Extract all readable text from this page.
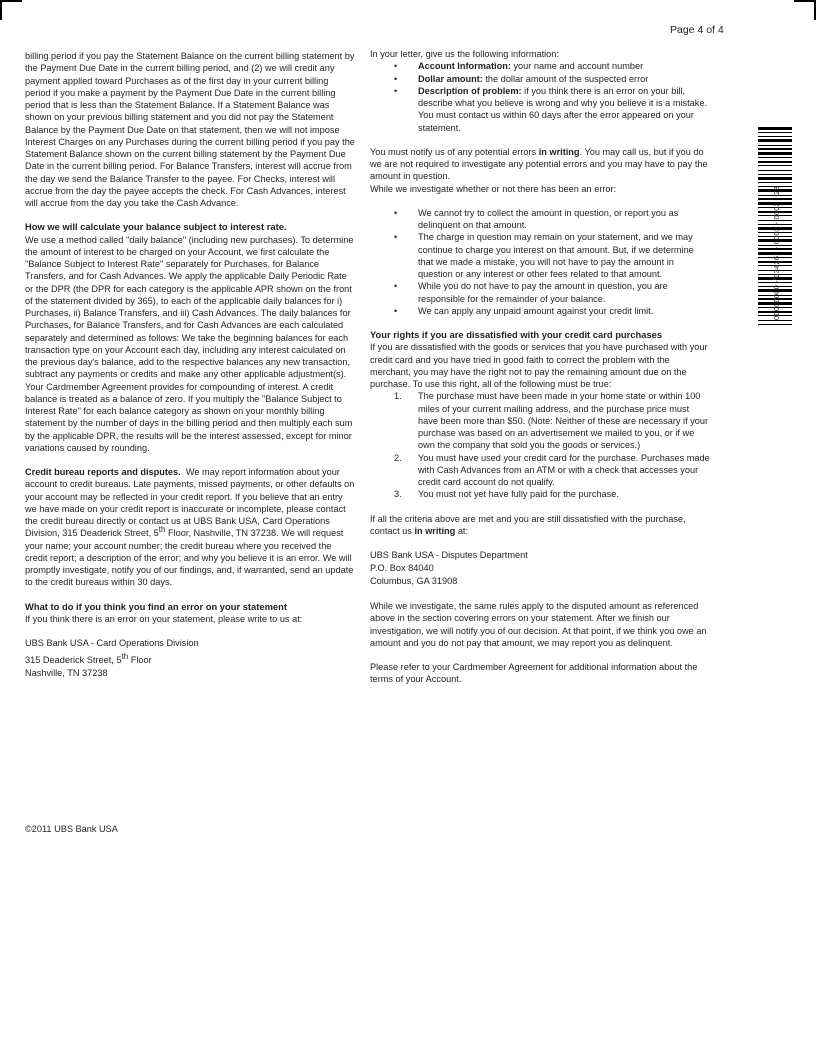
Page 4 of 4

billing period if you pay the Statement Balance on the current billing statement by the Payment Due Date in the current billing period, and (2) we will credit any payment applied toward Purchases as of the first day in your current billing period if you make a payment by the Payment Due Date in the current billing period that is less than the Statement Balance. If a Statement Balance was shown on your previous billing statement and you did not pay the Statement Balance by the Payment Due Date on that statement, then we will not impose Interest Charges on any Purchases during the current billing period if you pay the Statement Balance shown on the current billing statement by the Payment Due Date in the current billing period. For Balance Transfers, interest will accrue from the day we send the Balance Transfer to the payee. For Checks, interest will accrue from the day the payee accepts the check. For Cash Advances, interest will accrue from the day you take the Cash Advance.

How we will calculate your balance subject to interest rate.

We use a method called "daily balance" (including new purchases). To determine the amount of interest to be charged on your Account, we first calculate the "Balance Subject to Interest Rate" separately for Purchases, for Balance Transfers, and for Cash Advances. We apply the applicable Daily Periodic Rate or the DPR (the DPR for each category is the applicable APR shown on the front of the statement divided by 365), to each of the applicable daily balances for i) Purchases, ii) Balance Transfers, and iii) Cash Advances. The daily balances for Purchases, for Balance Transfers, and for Cash Advances are each calculated separately and determined as follows: We take the beginning balances for each transaction type on your Account each day, including any interest calculated on the previous day's balance, add to the respective balances any new transaction, subtract any payments or credits and make any other applicable adjustment(s). Your Cardmember Agreement provides for compounding of interest. A credit balance is treated as a balance of zero. If you multiply the "Balance Subject to Interest Rate" for each balance category as shown on your monthly billing statement by the number of days in the billing period and then multiply each sum by the applicable DPR, the results will be the interest assessed, except for minor variations caused by rounding.

Credit bureau reports and disputes. We may report information about your account to credit bureaus. Late payments, missed payments, or other defaults on your account may be reflected in your credit report. If you believe that an entry we have made on your credit report is inaccurate or incomplete, please contact the credit bureau directly or contact us at UBS Bank USA, Card Operations Division, 315 Deaderick Street, 5th Floor, Nashville, TN 37238. We will request your name; your account number; the credit bureau where you received the credit report; a description of the error; and why you believe it is an error. We will promptly investigate, notify you of our findings, and, if warranted, send an update to the credit bureaus within 30 days.

What to do if you think you find an error on your statement

If you think there is an error on your statement, please write to us at:

UBS Bank USA - Card Operations Division
315 Deaderick Street, 5th Floor
Nashville, TN 37238
In your letter, give us the following information:
• Account Information: your name and account number
• Dollar amount: the dollar amount of the suspected error
• Description of problem: if you think there is an error on your bill, describe what you believe is wrong and why you believe it is a mistake. You must contact us within 60 days after the error appeared on your statement.
You must notify us of any potential errors in writing. You may call us, but if you do we are not required to investigate any potential errors and you may have to pay the amount in question.
While we investigate whether or not there has been an error:
• We cannot try to collect the amount in question, or report you as delinquent on that amount.
• The charge in question may remain on your statement, and we may continue to charge you interest on that amount. But, if we determine that we made a mistake, you will not have to pay the amount in question or any interest or other fees related to that amount.
• While you do not have to pay the amount in question, you are responsible for the remainder of your balance.
• We can apply any unpaid amount against your credit limit.
Your rights if you are dissatisfied with your credit card purchases
If you are dissatisfied with the goods or services that you have purchased with your credit card and you have tried in good faith to correct the problem with the merchant, you may have the right not to pay the remaining amount due on the purchase. To use this right, all of the following must be true:
1. The purchase must have been made in your home state or within 100 miles of your current mailing address, and the purchase price must have been more than $50. (Note: Neither of these are necessary if your purchase was based on an advertisement we mailed to you, or if we own the company that sold you the goods or services.)
2. You must have used your credit card for the purchase. Purchases made with Cash Advances from an ATM or with a check that accesses your credit card account do not qualify.
3. You must not yet have fully paid for the purchase.

If all the criteria above are met and you are still dissatisfied with the purchase, contact us in writing at:

UBS Bank USA - Disputes Department
P.O. Box 84040
Columbus, GA 31908

While we investigate, the same rules apply to the disputed amount as referenced above in the section covering errors on your statement. After we finish our investigation, we will notify you of our decision. At that point, if we think you owe an amount and you do not pay that amount, we may report you as delinquent.

Please refer to your Cardmember Agreement for additional information about the terms of your Account.

©2011 UBS Bank USA
00000000 - 034261 - 0002 - 0002 - 23
